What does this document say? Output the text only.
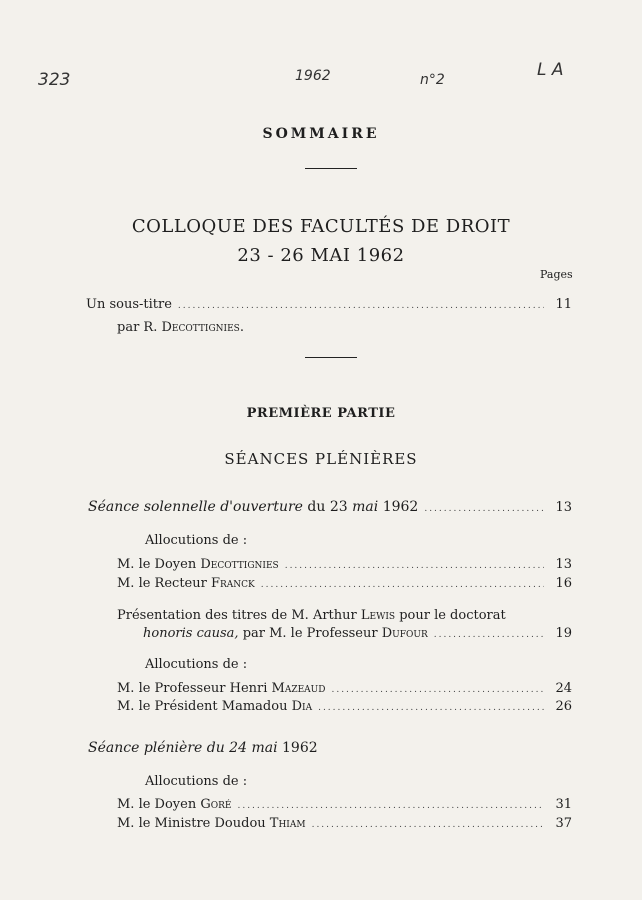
323	1962	n°2	L A
SOMMAIRE
COLLOQUE DES FACULTÉS DE DROIT
23 - 26 MAI 1962
Pages
Un sous-titre .....	11
par R. Decottignies.
PREMIÈRE PARTIE
SÉANCES PLÉNIÈRES
Séance solennelle d'ouverture du 23 mai 1962 .....	13
Allocutions de :
M. le Doyen Decottignies .....	13
M. le Recteur Franck .....	16
Présentation des titres de M. Arthur Lewis pour le doctorat
honoris causa, par M. le Professeur Dufour .....	19
Allocutions de :
M. le Professeur Henri Mazeaud .....	24
M. le Président Mamadou Dia .....	26
Séance plénière du 24 mai 1962
Allocutions de :
M. le Doyen Goré .....	31
M. le Ministre Doudou Thiam .....	37
